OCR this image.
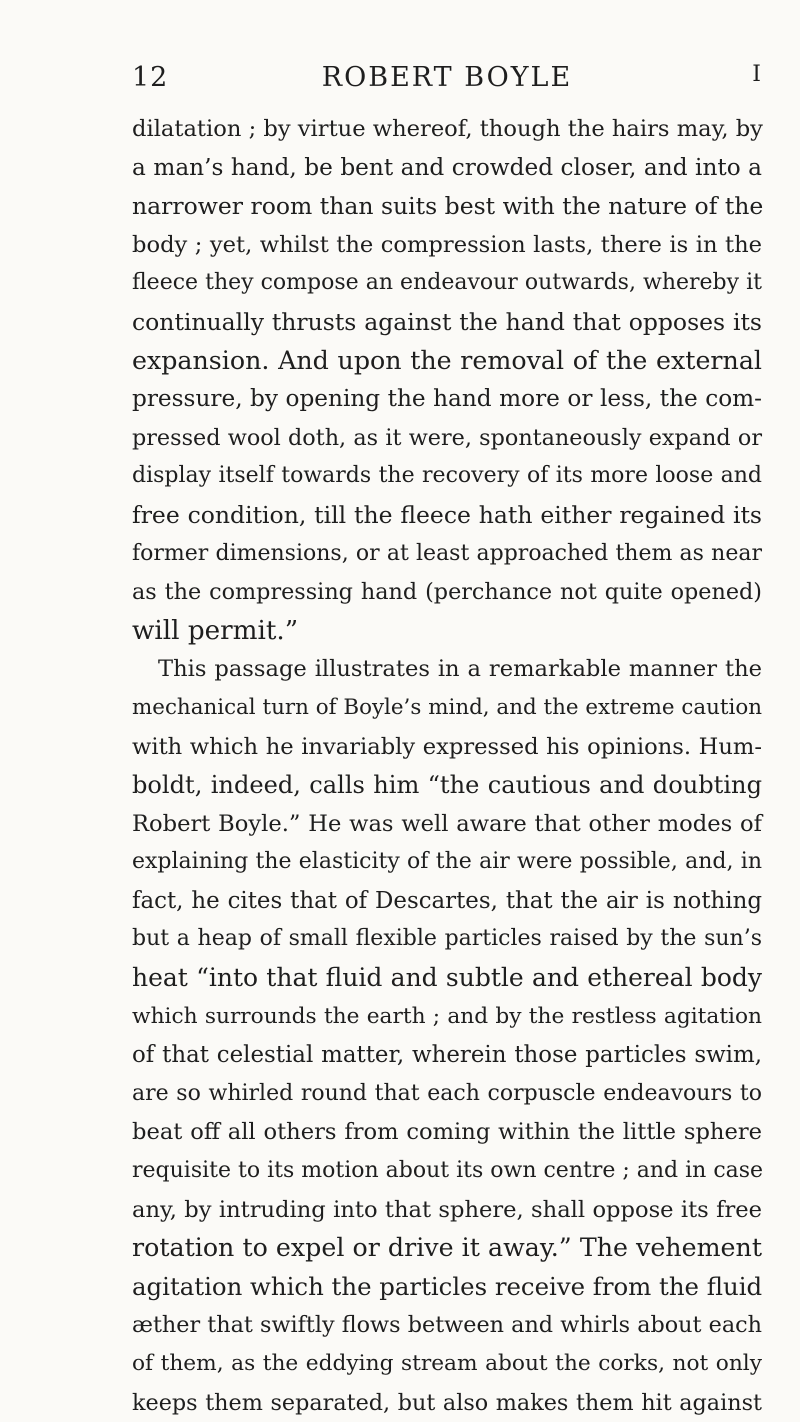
12	ROBERT BOYLE	I
dilatation ; by virtue whereof, though the hairs may, by
a man’s hand, be bent and crowded closer, and into a
narrower room than suits best with the nature of the
body ; yet, whilst the compression lasts, there is in the
fleece they compose an endeavour outwards, whereby it
continually thrusts against the hand that opposes its
expansion. And upon the removal of the external
pressure, by opening the hand more or less, the com-
pressed wool doth, as it were, spontaneously expand or
display itself towards the recovery of its more loose and
free condition, till the fleece hath either regained its
former dimensions, or at least approached them as near
as the compressing hand (perchance not quite opened)
will permit.”
This passage illustrates in a remarkable manner the
mechanical turn of Boyle’s mind, and the extreme caution
with which he invariably expressed his opinions. Hum-
boldt, indeed, calls him “the cautious and doubting
Robert Boyle.” He was well aware that other modes of
explaining the elasticity of the air were possible, and, in
fact, he cites that of Descartes, that the air is nothing
but a heap of small flexible particles raised by the sun’s
heat “into that fluid and subtle and ethereal body
which surrounds the earth ; and by the restless agitation
of that celestial matter, wherein those particles swim,
are so whirled round that each corpuscle endeavours to
beat off all others from coming within the little sphere
requisite to its motion about its own centre ; and in case
any, by intruding into that sphere, shall oppose its free
rotation to expel or drive it away.” The vehement
agitation which the particles receive from the fluid
æther that swiftly flows between and whirls about each
of them, as the eddying stream about the corks, not only
keeps them separated, but also makes them hit against
